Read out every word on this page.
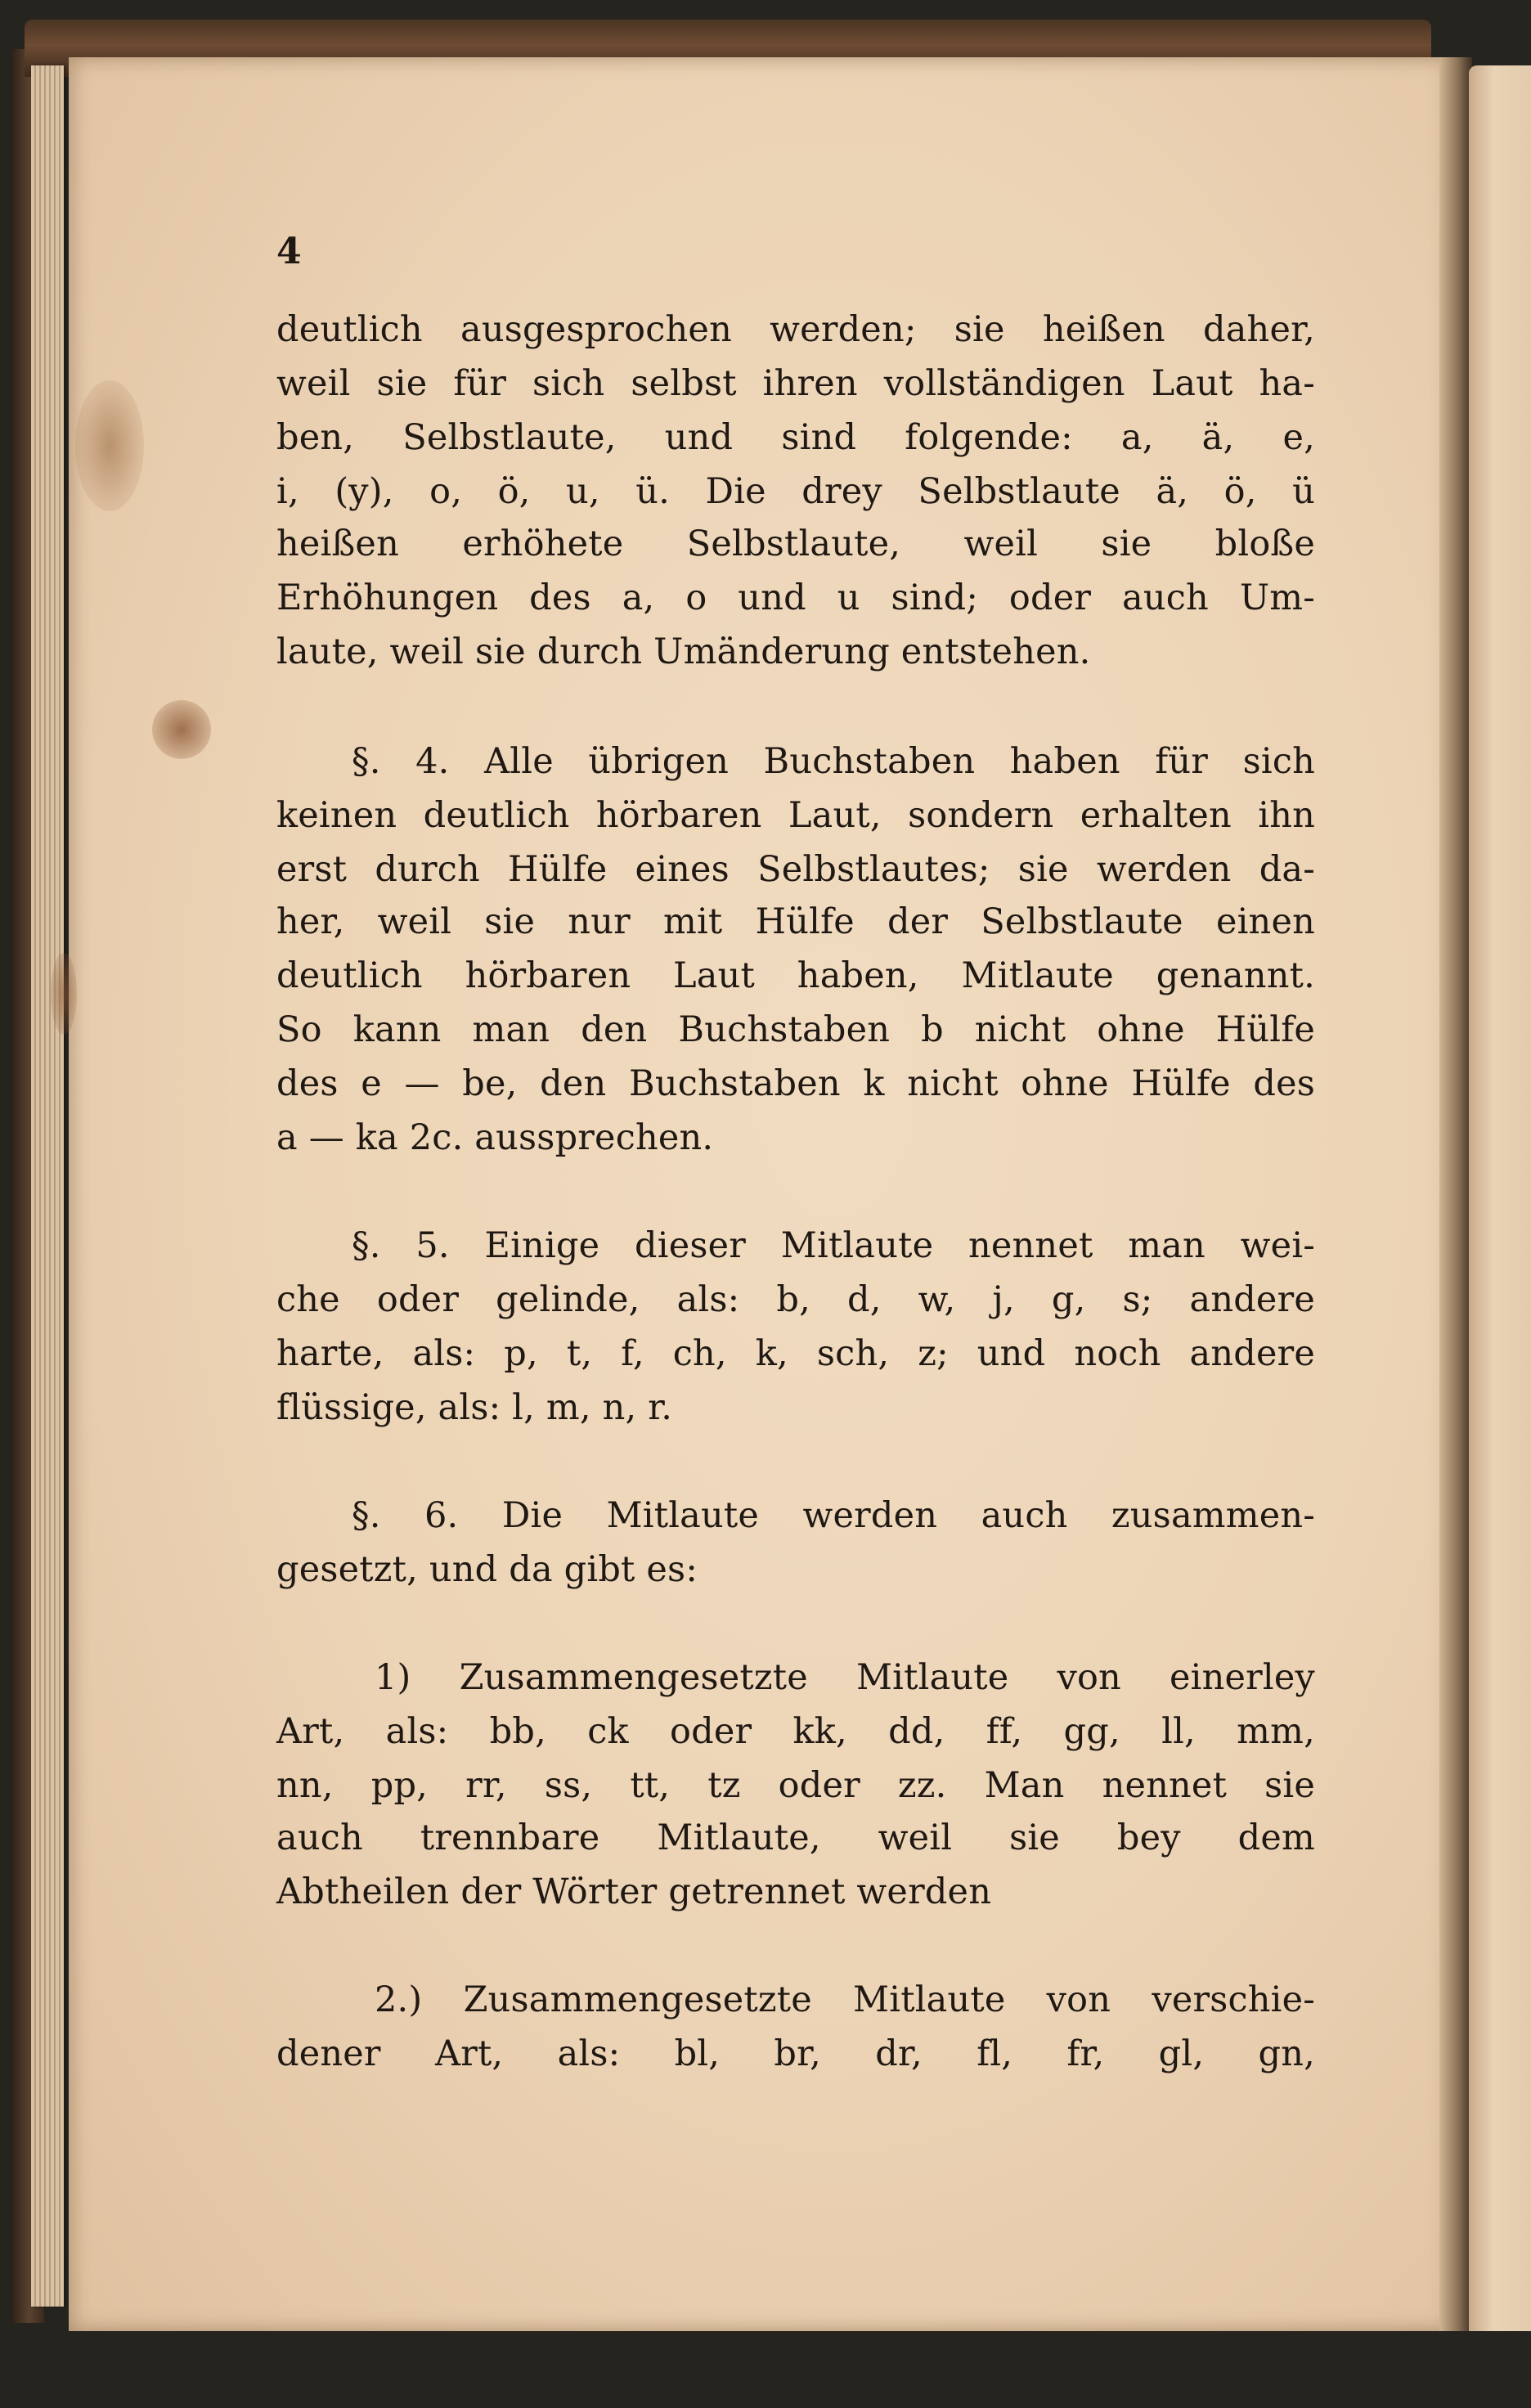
4
deutlich ausgesprochen werden; sie heißen daher,
weil sie für sich selbst ihren vollständigen Laut ha-
ben, Selbstlaute, und sind folgende: a, ä, e,
i, (y), o, ö, u, ü. Die drey Selbstlaute ä, ö, ü
heißen erhöhete Selbstlaute, weil sie bloße
Erhöhungen des a, o und u sind; oder auch Um-
laute, weil sie durch Umänderung entstehen.
§. 4. Alle übrigen Buchstaben haben für sich
keinen deutlich hörbaren Laut, sondern erhalten ihn
erst durch Hülfe eines Selbstlautes; sie werden da-
her, weil sie nur mit Hülfe der Selbstlaute einen
deutlich hörbaren Laut haben, Mitlaute genannt.
So kann man den Buchstaben b nicht ohne Hülfe
des e — be, den Buchstaben k nicht ohne Hülfe des
a — ka 2c. aussprechen.
§. 5. Einige dieser Mitlaute nennet man wei-
che oder gelinde, als: b, d, w, j, g, s; andere
harte, als: p, t, f, ch, k, sch, z; und noch andere
flüssige, als: l, m, n, r.
§. 6. Die Mitlaute werden auch zusammen-
gesetzt, und da gibt es:
1) Zusammengesetzte Mitlaute von einerley
Art, als: bb, ck oder kk, dd, ff, gg, ll, mm,
nn, pp, rr, ss, tt, tz oder zz. Man nennet sie
auch trennbare Mitlaute, weil sie bey dem
Abtheilen der Wörter getrennet werden
2.) Zusammengesetzte Mitlaute von verschie-
dener Art, als: bl, br, dr, fl, fr, gl, gn,
